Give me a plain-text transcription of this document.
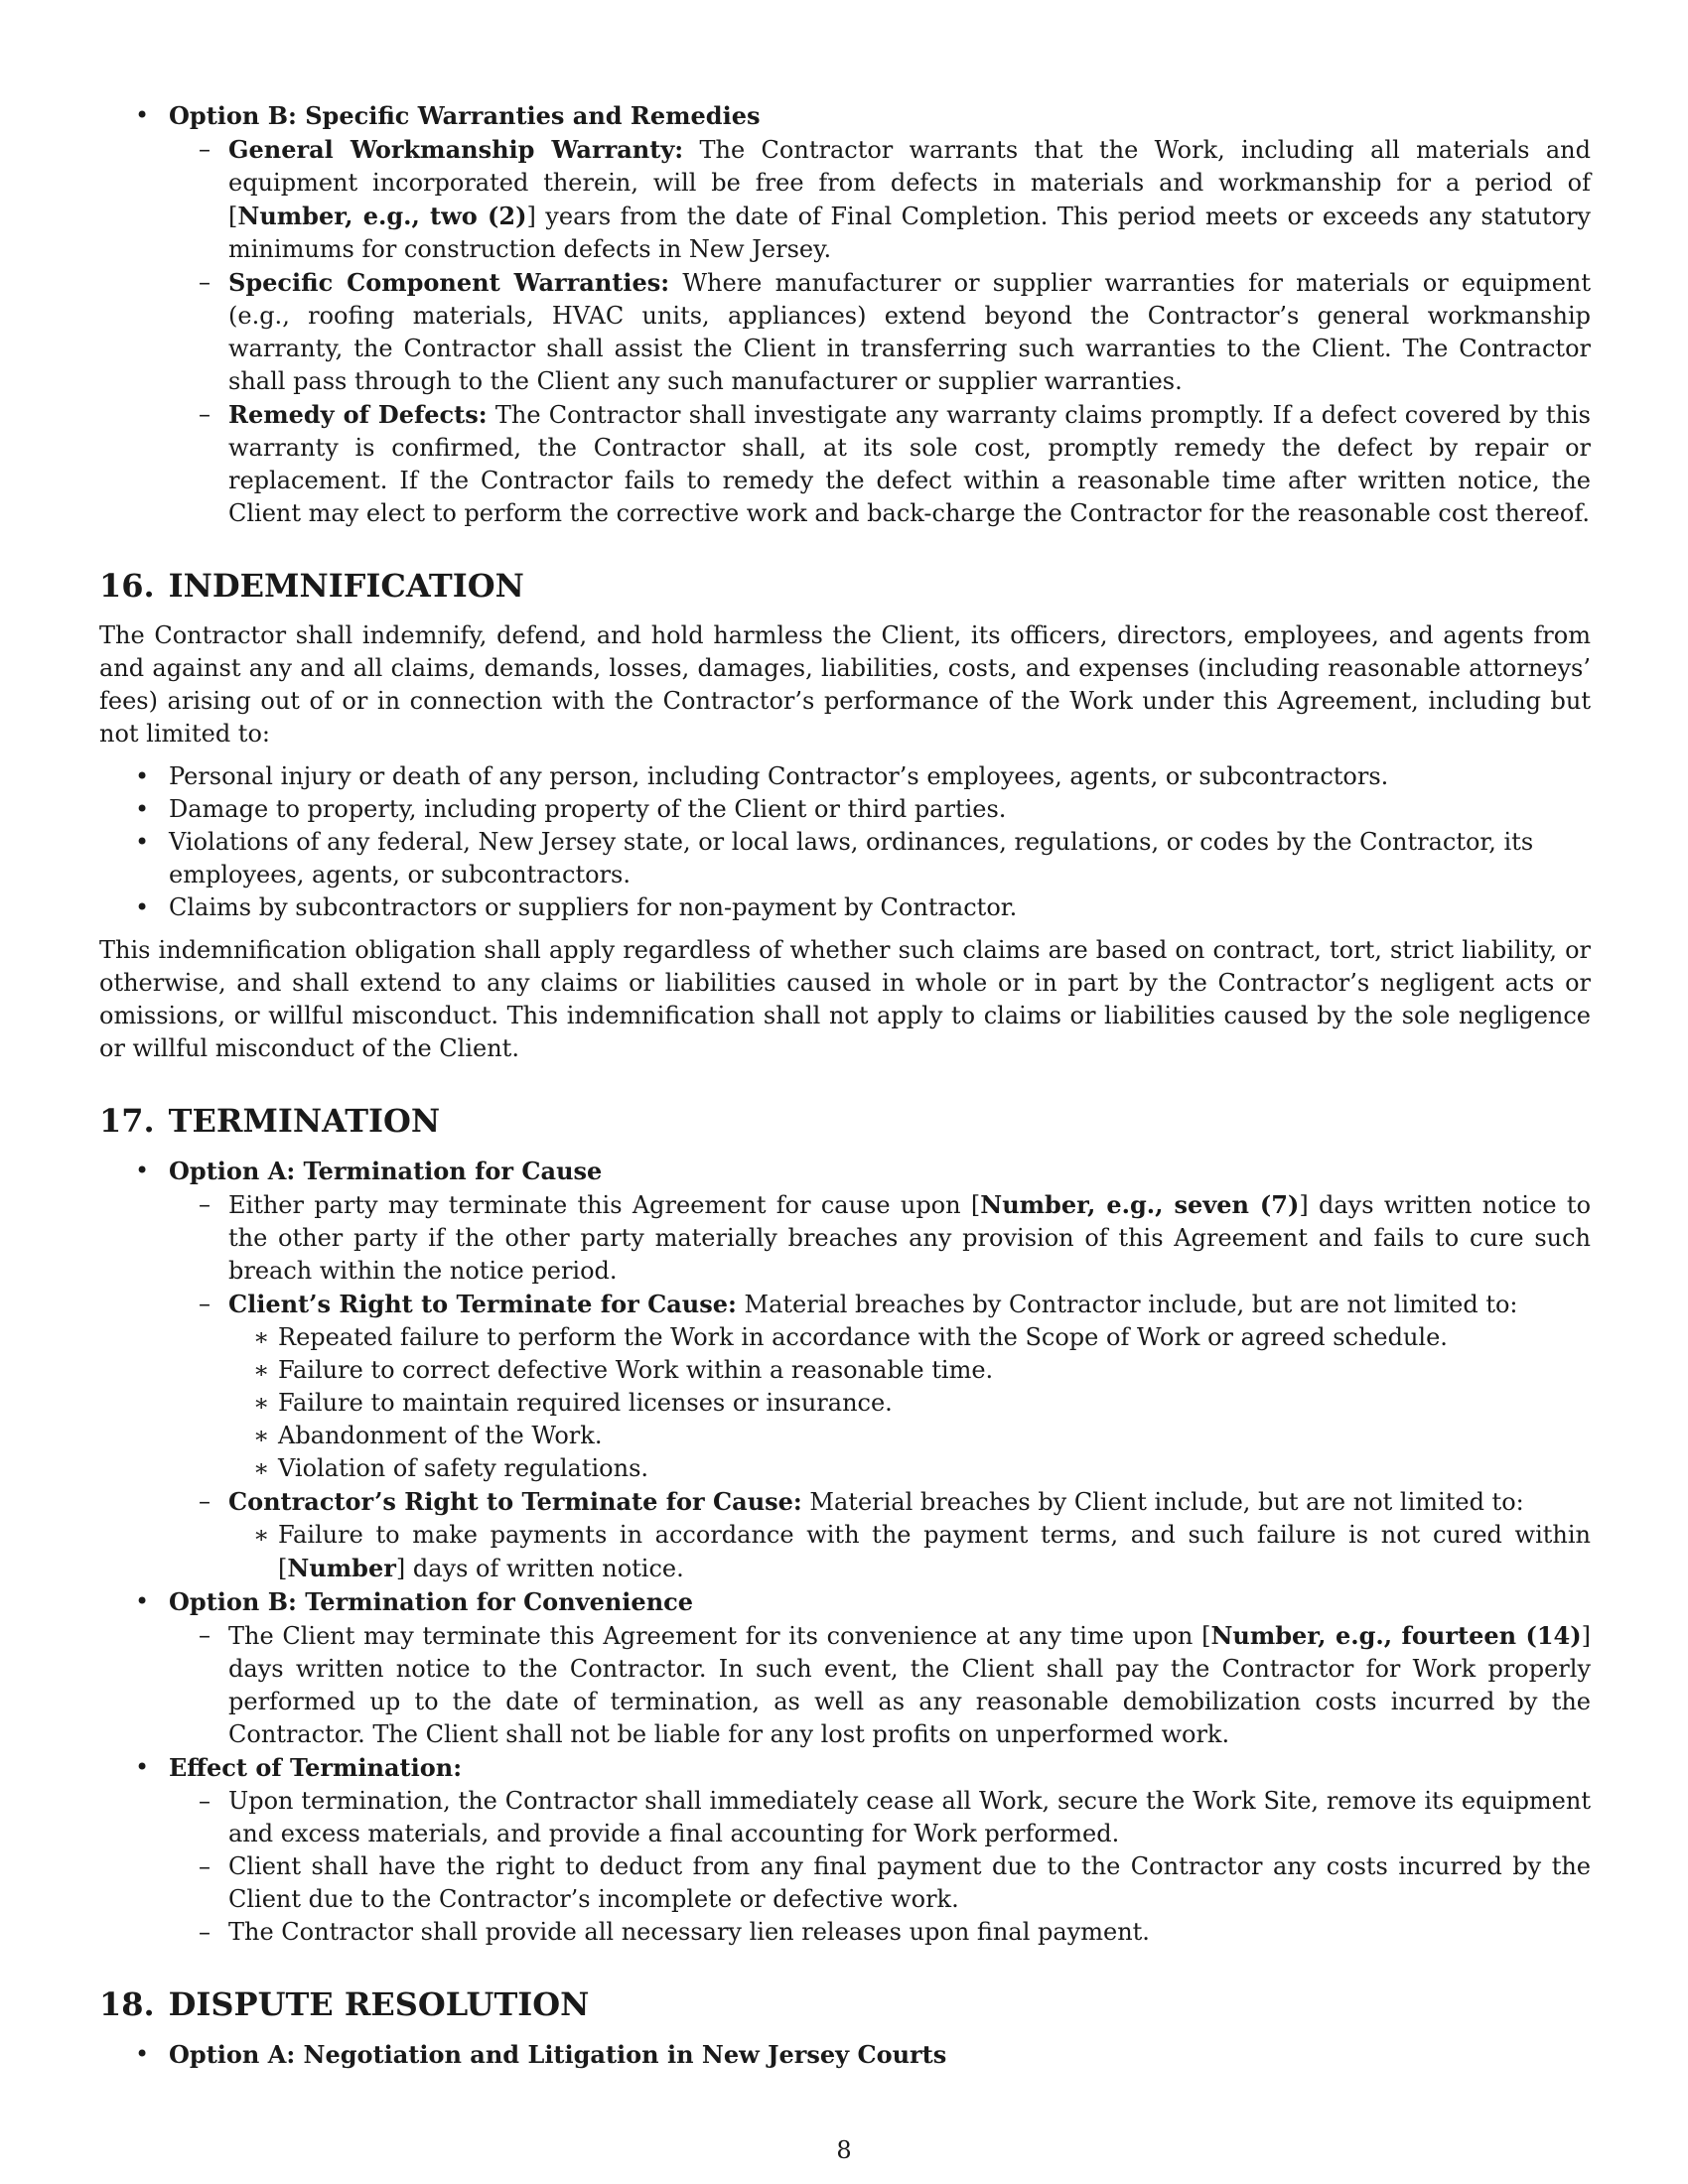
• Option B: Specific Warranties and Remedies
– General Workmanship Warranty: The Contractor warrants that the Work, including all materials and equipment incorporated therein, will be free from defects in materials and workmanship for a period of [Number, e.g., two (2)] years from the date of Final Completion. This period meets or exceeds any statutory minimums for construction defects in New Jersey.
– Specific Component Warranties: Where manufacturer or supplier warranties for materials or equipment (e.g., roofing materials, HVAC units, appliances) extend beyond the Contractor’s general workmanship warranty, the Contractor shall assist the Client in transferring such warranties to the Client. The Contractor shall pass through to the Client any such manufacturer or supplier warranties.
– Remedy of Defects: The Contractor shall investigate any warranty claims promptly. If a defect covered by this warranty is confirmed, the Contractor shall, at its sole cost, promptly remedy the defect by repair or replacement. If the Contractor fails to remedy the defect within a reasonable time after written notice, the Client may elect to perform the corrective work and back-charge the Contractor for the reasonable cost thereof.
16. INDEMNIFICATION

The Contractor shall indemnify, defend, and hold harmless the Client, its officers, directors, employees, and agents from and against any and all claims, demands, losses, damages, liabilities, costs, and expenses (including reasonable attorneys’ fees) arising out of or in connection with the Contractor’s performance of the Work under this Agreement, including but not limited to:

• Personal injury or death of any person, including Contractor’s employees, agents, or subcontractors.
• Damage to property, including property of the Client or third parties.
• Violations of any federal, New Jersey state, or local laws, ordinances, regulations, or codes by the Contractor, its employees, agents, or subcontractors.
• Claims by subcontractors or suppliers for non-payment by Contractor.

This indemnification obligation shall apply regardless of whether such claims are based on contract, tort, strict liability, or otherwise, and shall extend to any claims or liabilities caused in whole or in part by the Contractor’s negligent acts or omissions, or willful misconduct. This indemnification shall not apply to claims or liabilities caused by the sole negligence or willful misconduct of the Client.

17. TERMINATION
• Option A: Termination for Cause
– Either party may terminate this Agreement for cause upon [Number, e.g., seven (7)] days written notice to the other party if the other party materially breaches any provision of this Agreement and fails to cure such breach within the notice period.
– Client’s Right to Terminate for Cause: Material breaches by Contractor include, but are not limited to:
∗ Repeated failure to perform the Work in accordance with the Scope of Work or agreed schedule.
∗ Failure to correct defective Work within a reasonable time.
∗ Failure to maintain required licenses or insurance.
∗ Abandonment of the Work.
∗ Violation of safety regulations.
– Contractor’s Right to Terminate for Cause: Material breaches by Client include, but are not limited to:
∗ Failure to make payments in accordance with the payment terms, and such failure is not cured within [Number] days of written notice.
• Option B: Termination for Convenience
– The Client may terminate this Agreement for its convenience at any time upon [Number, e.g., fourteen (14)] days written notice to the Contractor. In such event, the Client shall pay the Contractor for Work properly performed up to the date of termination, as well as any reasonable demobilization costs incurred by the Contractor. The Client shall not be liable for any lost profits on unperformed work.
• Effect of Termination:
– Upon termination, the Contractor shall immediately cease all Work, secure the Work Site, remove its equipment and excess materials, and provide a final accounting for Work performed.
– Client shall have the right to deduct from any final payment due to the Contractor any costs incurred by the Client due to the Contractor’s incomplete or defective work.
– The Contractor shall provide all necessary lien releases upon final payment.
18. DISPUTE RESOLUTION
• Option A: Negotiation and Litigation in New Jersey Courts
8
